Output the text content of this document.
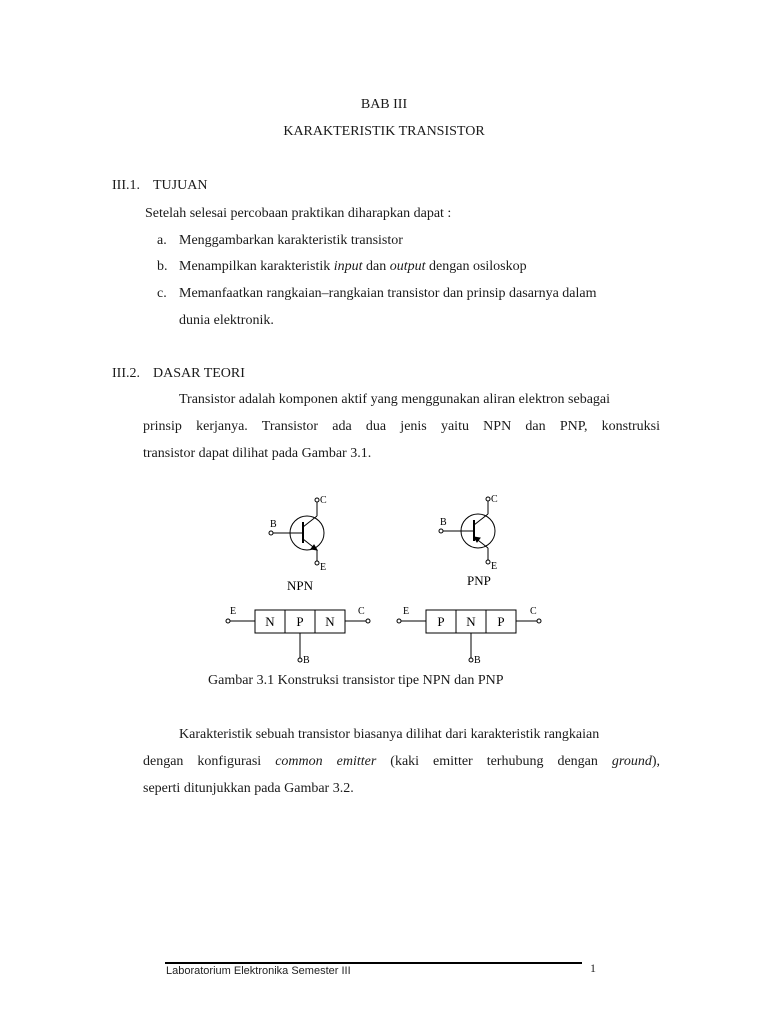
BAB III
KARAKTERISTIK TRANSISTOR
III.1. TUJUAN
Setelah selesai percobaan praktikan diharapkan dapat :
a. Menggambarkan karakteristik transistor
b. Menampilkan karakteristik input dan output dengan osiloskop
c. Memanfaatkan rangkaian–rangkaian transistor dan prinsip dasarnya dalam
dunia elektronik.
III.2. DASAR TEORI
Transistor adalah komponen aktif yang menggunakan aliran elektron sebagai
prinsip kerjanya. Transistor ada dua jenis yaitu NPN dan PNP, konstruksi
transistor dapat dilihat pada Gambar 3.1.
C
B
E
NPN
C
B
E
PNP
E	C
B
N P N
E	C
B
P N P
Gambar 3.1 Konstruksi transistor tipe NPN dan PNP
Karakteristik sebuah transistor biasanya dilihat dari karakteristik rangkaian
dengan konfigurasi common emitter (kaki emitter terhubung dengan ground),
seperti ditunjukkan pada Gambar 3.2.
Laboratorium Elektronika Semester III	1
